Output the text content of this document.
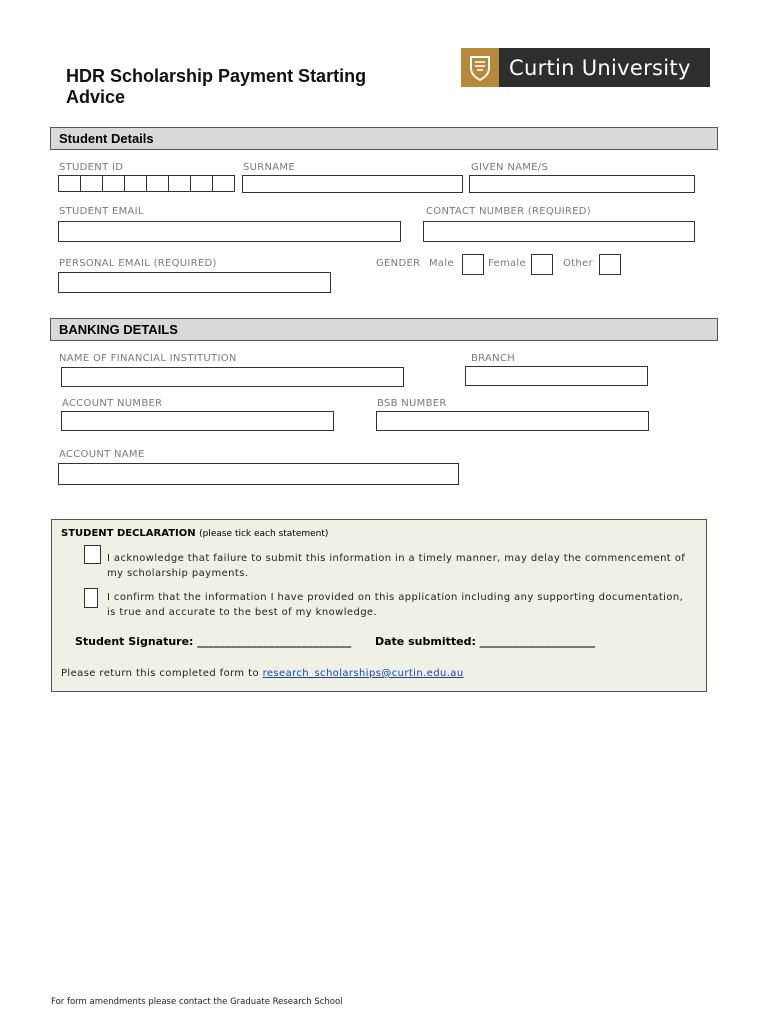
HDR Scholarship Payment Starting Advice
Curtin University
Student Details
STUDENT ID	SURNAME	GIVEN NAME/S
STUDENT EMAIL	CONTACT NUMBER (REQUIRED)
PERSONAL EMAIL (REQUIRED)	GENDER Male	Female	Other
BANKING DETAILS
NAME OF FINANCIAL INSTITUTION	BRANCH
ACCOUNT NUMBER	BSB NUMBER
ACCOUNT NAME
STUDENT DECLARATION (please tick each statement)
I acknowledge that failure to submit this information in a timely manner, may delay the commencement of my scholarship payments.
I confirm that the information I have provided on this application including any supporting documentation, is true and accurate to the best of my knowledge.
Student Signature: ____________________________ Date submitted: _____________________
Please return this completed form to research_scholarships@curtin.edu.au
For form amendments please contact the Graduate Research School
